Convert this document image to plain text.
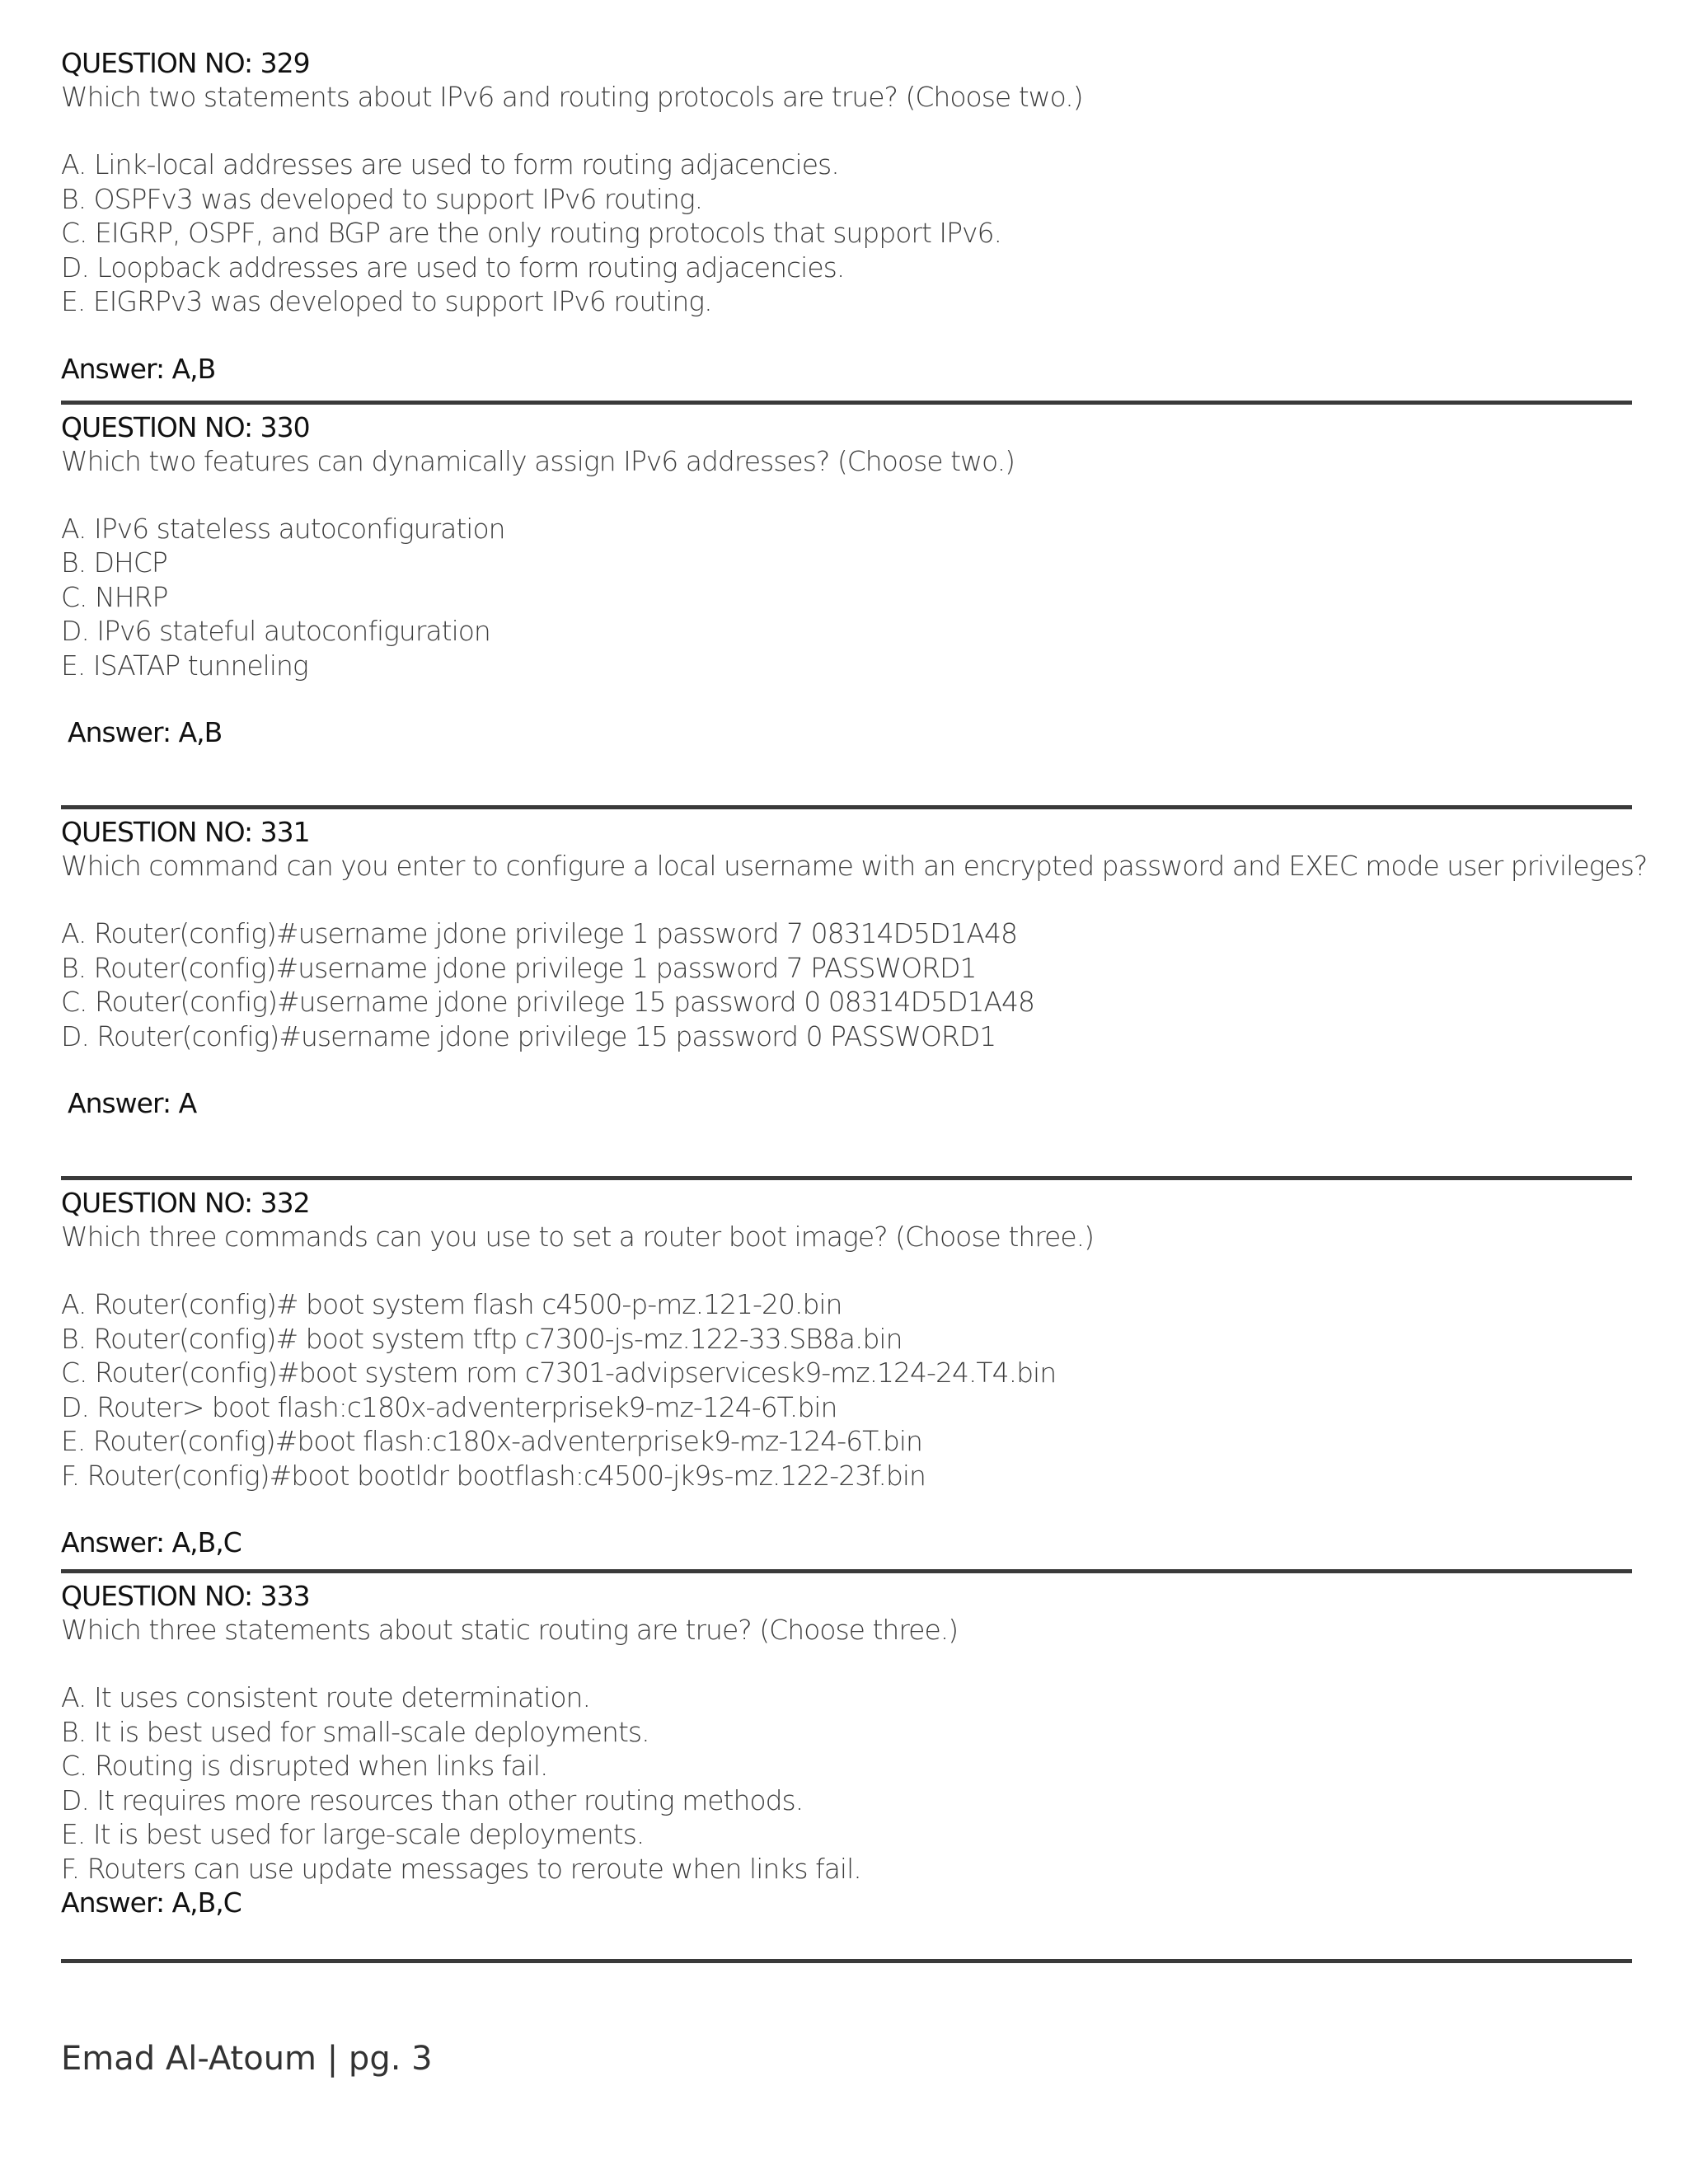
QUESTION NO: 329
Which two statements about IPv6 and routing protocols are true? (Choose two.)
A. Link-local addresses are used to form routing adjacencies.
B. OSPFv3 was developed to support IPv6 routing.
C. EIGRP, OSPF, and BGP are the only routing protocols that support IPv6.
D. Loopback addresses are used to form routing adjacencies.
E. EIGRPv3 was developed to support IPv6 routing.
Answer: A,B
QUESTION NO: 330
Which two features can dynamically assign IPv6 addresses? (Choose two.)
A. IPv6 stateless autoconfiguration
B. DHCP
C. NHRP
D. IPv6 stateful autoconfiguration
E. ISATAP tunneling
Answer: A,B
QUESTION NO: 331
Which command can you enter to configure a local username with an encrypted password and EXEC mode user privileges?
A. Router(config)#username jdone privilege 1 password 7 08314D5D1A48
B. Router(config)#username jdone privilege 1 password 7 PASSWORD1
C. Router(config)#username jdone privilege 15 password 0 08314D5D1A48
D. Router(config)#username jdone privilege 15 password 0 PASSWORD1
Answer: A
QUESTION NO: 332
Which three commands can you use to set a router boot image? (Choose three.)
A. Router(config)# boot system flash c4500-p-mz.121-20.bin
B. Router(config)# boot system tftp c7300-js-mz.122-33.SB8a.bin
C. Router(config)#boot system rom c7301-advipservicesk9-mz.124-24.T4.bin
D. Router> boot flash:c180x-adventerprisek9-mz-124-6T.bin
E. Router(config)#boot flash:c180x-adventerprisek9-mz-124-6T.bin
F. Router(config)#boot bootldr bootflash:c4500-jk9s-mz.122-23f.bin
Answer: A,B,C
QUESTION NO: 333
Which three statements about static routing are true? (Choose three.)
A. It uses consistent route determination.
B. It is best used for small-scale deployments.
C. Routing is disrupted when links fail.
D. It requires more resources than other routing methods.
E. It is best used for large-scale deployments.
F. Routers can use update messages to reroute when links fail.
Answer: A,B,C
Emad Al-Atoum | pg. 3
